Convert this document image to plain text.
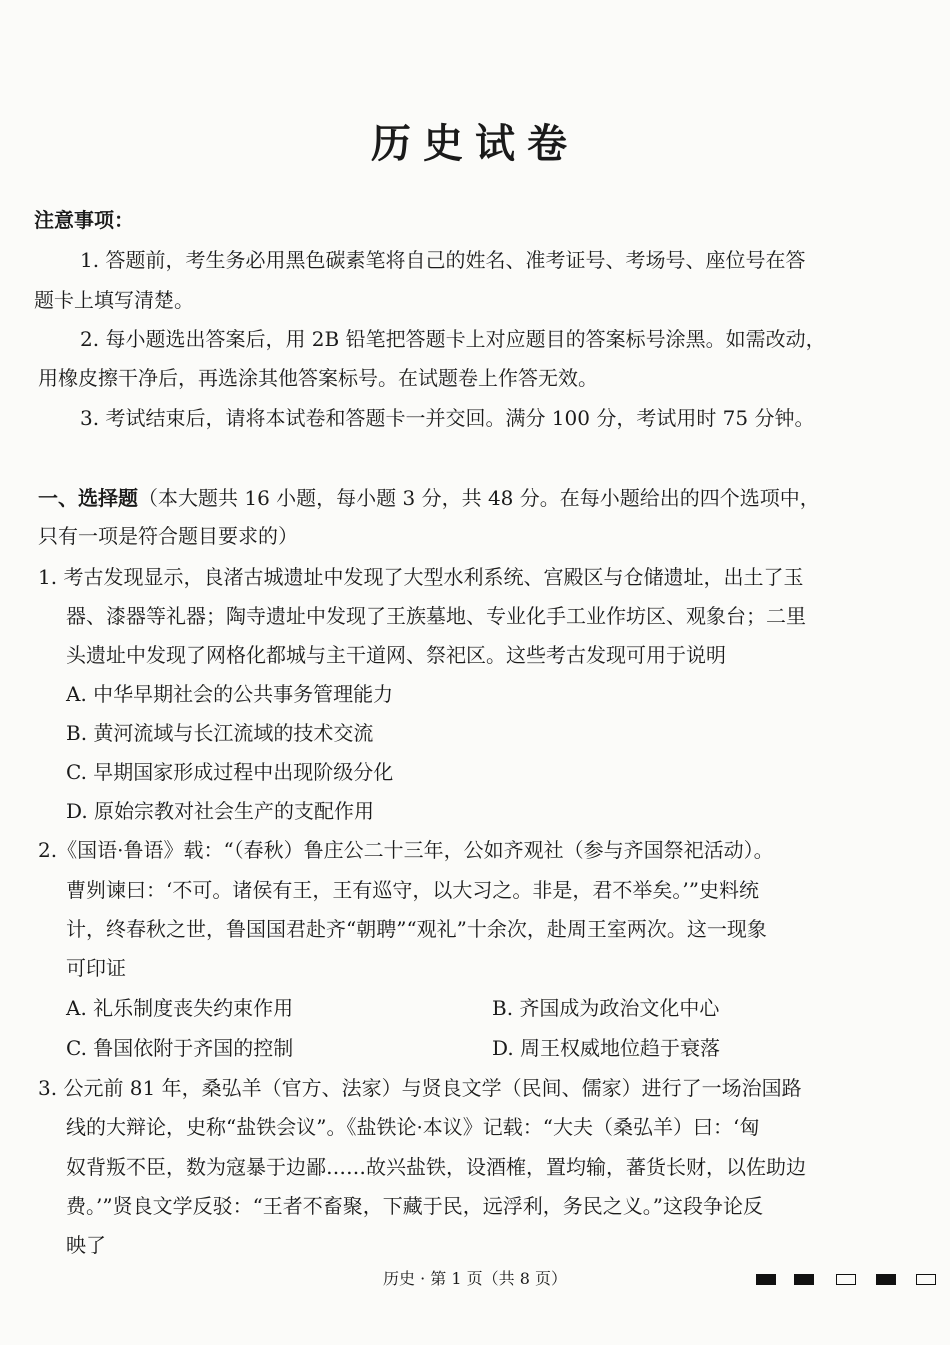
历史试卷
注意事项：
1. 答题前，考生务必用黑色碳素笔将自己的姓名、准考证号、考场号、座位号在答
题卡上填写清楚。
2. 每小题选出答案后，用 2B 铅笔把答题卡上对应题目的答案标号涂黑。如需改动，
用橡皮擦干净后，再选涂其他答案标号。在试题卷上作答无效。
3. 考试结束后，请将本试卷和答题卡一并交回。满分 100 分，考试用时 75 分钟。
一、选择题（本大题共 16 小题，每小题 3 分，共 48 分。在每小题给出的四个选项中，
只有一项是符合题目要求的）
1. 考古发现显示，良渚古城遗址中发现了大型水利系统、宫殿区与仓储遗址，出土了玉
器、漆器等礼器；陶寺遗址中发现了王族墓地、专业化手工业作坊区、观象台；二里
头遗址中发现了网格化都城与主干道网、祭祀区。这些考古发现可用于说明
A. 中华早期社会的公共事务管理能力
B. 黄河流域与长江流域的技术交流
C. 早期国家形成过程中出现阶级分化
D. 原始宗教对社会生产的支配作用
2.《国语·鲁语》载：“（春秋）鲁庄公二十三年，公如齐观社（参与齐国祭祀活动）。
曹刿谏曰：‘不可。诸侯有王，王有巡守，以大习之。非是，君不举矣。’”史料统
计，终春秋之世，鲁国国君赴齐“朝聘”“观礼”十余次，赴周王室两次。这一现象
可印证
A. 礼乐制度丧失约束作用	B. 齐国成为政治文化中心
C. 鲁国依附于齐国的控制	D. 周王权威地位趋于衰落
3. 公元前 81 年，桑弘羊（官方、法家）与贤良文学（民间、儒家）进行了一场治国路
线的大辩论，史称“盐铁会议”。《盐铁论·本议》记载：“大夫（桑弘羊）曰：‘匈
奴背叛不臣，数为寇暴于边鄙……故兴盐铁，设酒榷，置均输，蕃货长财，以佐助边
费。’”贤良文学反驳：“王者不畜聚，下藏于民，远浮利，务民之义。”这段争论反
映了
历史 · 第 1 页（共 8 页）
